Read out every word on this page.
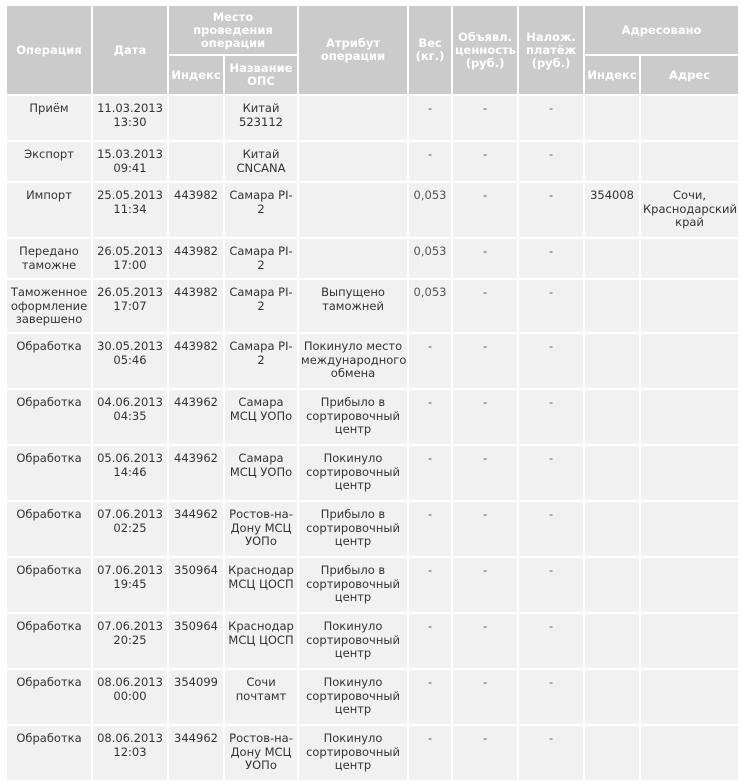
Операция	Дата	Место проведения операции		Атрибут операции	Вес (кг.)	Объявл. ценность (руб.)	Налож. платёж (руб.)	Адресовано	
		Индекс	Название ОПС					Индекс	Адрес
Приём	11.03.2013 13:30		Китай 523112		-	-	-		
Экспорт	15.03.2013 09:41		Китай CNCANA		-	-	-		
Импорт	25.05.2013 11:34	443982	Самара PI-2		0,053	-	-	354008	Сочи, Краснодарский край
Передано таможне	26.05.2013 17:00	443982	Самара PI-2		0,053	-	-		
Таможенное оформление завершено	26.05.2013 17:07	443982	Самара PI-2	Выпущено таможней	0,053	-	-		
Обработка	30.05.2013 05:46	443982	Самара PI-2	Покинуло место международного обмена	-	-	-		
Обработка	04.06.2013 04:35	443962	Самара МСЦ УОПо	Прибыло в сортировочный центр	-	-	-		
Обработка	05.06.2013 14:46	443962	Самара МСЦ УОПо	Покинуло сортировочный центр	-	-	-		
Обработка	07.06.2013 02:25	344962	Ростов-на-Дону МСЦ УОПо	Прибыло в сортировочный центр	-	-	-		
Обработка	07.06.2013 19:45	350964	Краснодар МСЦ ЦОСП	Прибыло в сортировочный центр	-	-	-		
Обработка	07.06.2013 20:25	350964	Краснодар МСЦ ЦОСП	Покинуло сортировочный центр	-	-	-		
Обработка	08.06.2013 00:00	354099	Сочи почтамт	Покинуло сортировочный центр	-	-	-		
Обработка	08.06.2013 12:03	344962	Ростов-на-Дону МСЦ УОПо	Покинуло сортировочный центр	-	-	-		
